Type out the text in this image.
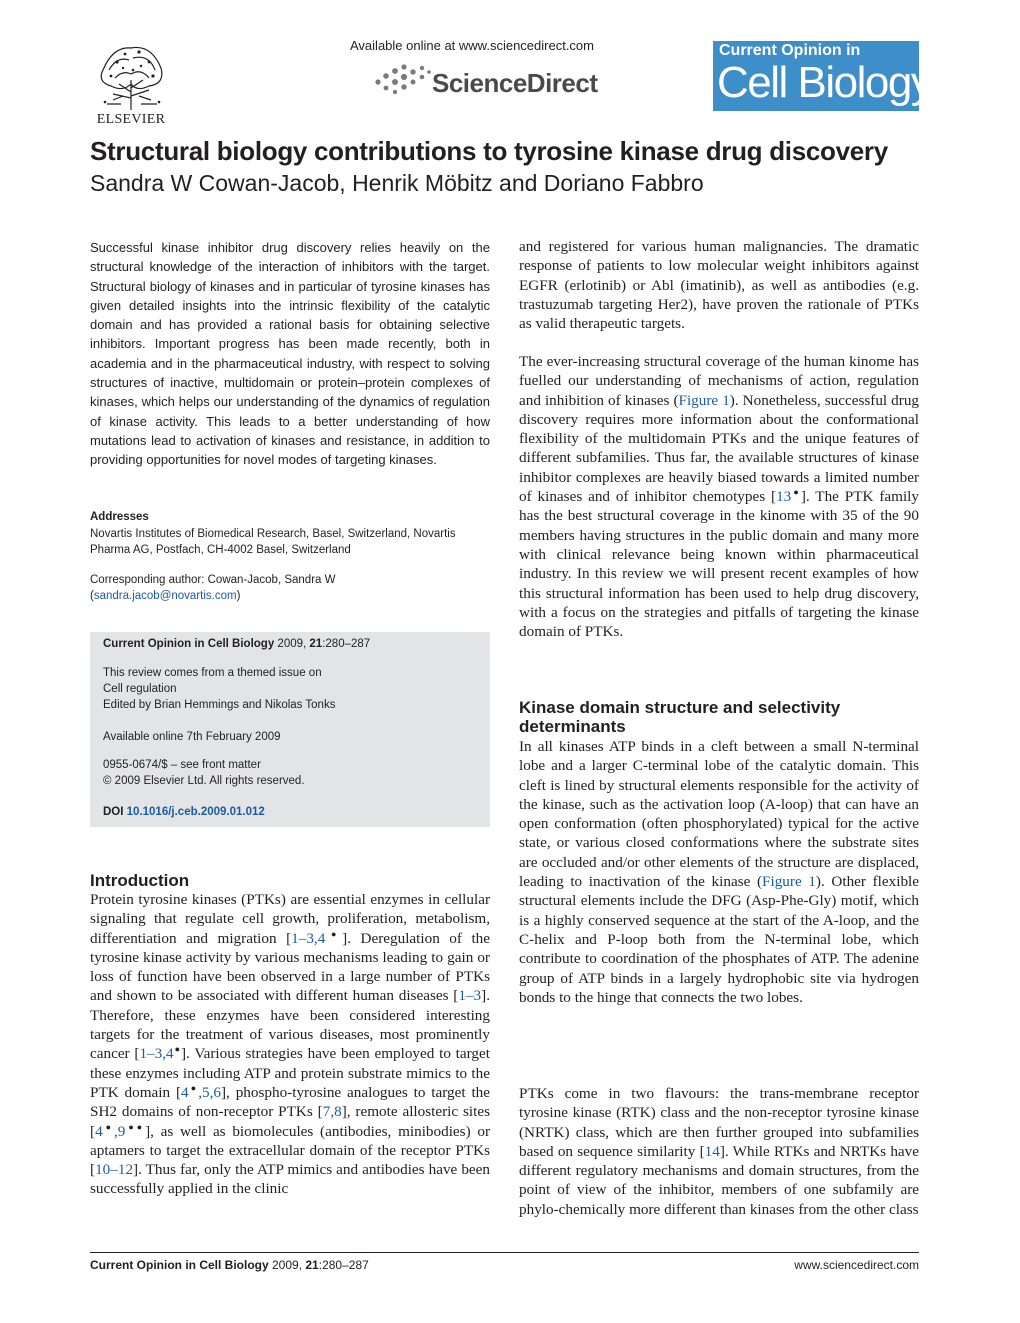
ELSEVIER
Available online at www.sciencedirect.com
ScienceDirect
Current Opinion in
Cell Biology
Structural biology contributions to tyrosine kinase drug discovery
Sandra W Cowan-Jacob, Henrik Möbitz and Doriano Fabbro
Successful kinase inhibitor drug discovery relies heavily on the structural knowledge of the interaction of inhibitors with the target. Structural biology of kinases and in particular of tyrosine kinases has given detailed insights into the intrinsic flexibility of the catalytic domain and has provided a rational basis for obtaining selective inhibitors. Important progress has been made recently, both in academia and in the pharmaceutical industry, with respect to solving structures of inactive, multidomain or protein–protein complexes of kinases, which helps our understanding of the dynamics of regulation of kinase activity. This leads to a better understanding of how mutations lead to activation of kinases and resistance, in addition to providing opportunities for novel modes of targeting kinases.
Addresses
Novartis Institutes of Biomedical Research, Basel, Switzerland, Novartis Pharma AG, Postfach, CH-4002 Basel, Switzerland
Corresponding author: Cowan-Jacob, Sandra W
(sandra.jacob@novartis.com)
Current Opinion in Cell Biology 2009, 21:280–287
This review comes from a themed issue on
Cell regulation
Edited by Brian Hemmings and Nikolas Tonks
Available online 7th February 2009
0955-0674/$ – see front matter
© 2009 Elsevier Ltd. All rights reserved.
DOI 10.1016/j.ceb.2009.01.012
Introduction
Protein tyrosine kinases (PTKs) are essential enzymes in cellular signaling that regulate cell growth, proliferation, metabolism, differentiation and migration [1–3,4●]. Deregulation of the tyrosine kinase activity by various mechanisms leading to gain or loss of function have been observed in a large number of PTKs and shown to be associated with different human diseases [1–3]. Therefore, these enzymes have been considered interesting targets for the treatment of various diseases, most prominently cancer [1–3,4●]. Various strategies have been employed to target these enzymes including ATP and protein substrate mimics to the PTK domain [4●,5,6], phospho-tyrosine analogues to target the SH2 domains of non-receptor PTKs [7,8], remote allosteric sites [4●,9●●], as well as biomolecules (antibodies, minibodies) or aptamers to target the extracellular domain of the receptor PTKs [10–12]. Thus far, only the ATP mimics and antibodies have been successfully applied in the clinic
and registered for various human malignancies. The dramatic response of patients to low molecular weight inhibitors against EGFR (erlotinib) or Abl (imatinib), as well as antibodies (e.g. trastuzumab targeting Her2), have proven the rationale of PTKs as valid therapeutic targets.
The ever-increasing structural coverage of the human kinome has fuelled our understanding of mechanisms of action, regulation and inhibition of kinases (Figure 1). Nonetheless, successful drug discovery requires more information about the conformational flexibility of the multidomain PTKs and the unique features of different subfamilies. Thus far, the available structures of kinase inhibitor complexes are heavily biased towards a limited number of kinases and of inhibitor chemotypes [13●]. The PTK family has the best structural coverage in the kinome with 35 of the 90 members having structures in the public domain and many more with clinical relevance being known within pharmaceutical industry. In this review we will present recent examples of how this structural information has been used to help drug discovery, with a focus on the strategies and pitfalls of targeting the kinase domain of PTKs.
Kinase domain structure and selectivity determinants
In all kinases ATP binds in a cleft between a small N-terminal lobe and a larger C-terminal lobe of the catalytic domain. This cleft is lined by structural elements responsible for the activity of the kinase, such as the activation loop (A-loop) that can have an open conformation (often phosphorylated) typical for the active state, or various closed conformations where the substrate sites are occluded and/or other elements of the structure are displaced, leading to inactivation of the kinase (Figure 1). Other flexible structural elements include the DFG (Asp-Phe-Gly) motif, which is a highly conserved sequence at the start of the A-loop, and the C-helix and P-loop both from the N-terminal lobe, which contribute to coordination of the phosphates of ATP. The adenine group of ATP binds in a largely hydrophobic site via hydrogen bonds to the hinge that connects the two lobes.
PTKs come in two flavours: the trans-membrane receptor tyrosine kinase (RTK) class and the non-receptor tyrosine kinase (NRTK) class, which are then further grouped into subfamilies based on sequence similarity [14]. While RTKs and NRTKs have different regulatory mechanisms and domain structures, from the point of view of the inhibitor, members of one subfamily are phylo-chemically more different than kinases from the other class
Current Opinion in Cell Biology 2009, 21:280–287	www.sciencedirect.com
